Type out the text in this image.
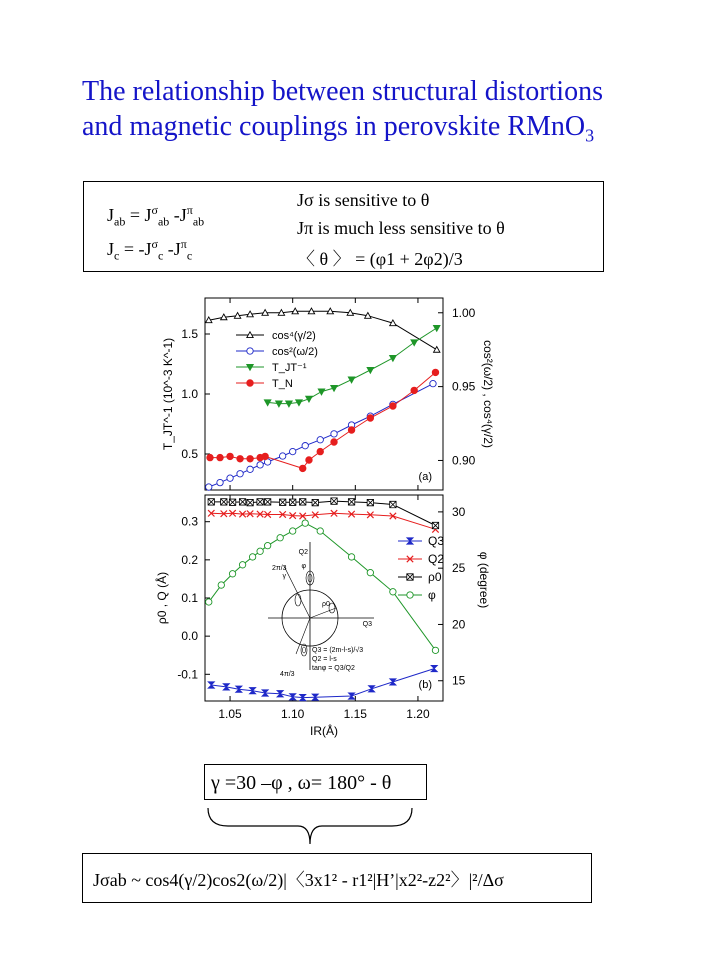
The relationship between structural distortions
and magnetic couplings in perovskite RMnO$_3$
$J_{ab} = J^\sigma_{ab}$ $-J^\pi_{ab}$
$J_c = -J^\sigma_c$ $-J^\pi_c$
Jσ is sensitive to θ
Jπ is much less sensitive to θ
〈 θ 〉 = (φ1 + 2φ2)/3
0.5
1.0
1.5
0.90
0.95
1.00
T_JT^-1 (10^-3 K^-1)	cos²(ω/2) , cos⁴(γ/2)
(a)
cos⁴(γ/2)
cos²(ω/2)
T_JT⁻¹
T_N
1.05	1.10	1.15	1.20
-0.1
0.0
0.1
0.2
0.3
15
20
25
30
ρ0 , Q (Å)	φ (degree)
(b)
IR(Å)
Q3
Q2
ρ0
φ
Q2
φ
2π/3
γ
ρ0
Q3
4π/3
Q3 = (2m-l-s)/√3
Q2 = l-s
tanφ = Q3/Q2
γ =30 –φ , ω= 180° - θ
Jσab ~ cos4(γ/2)cos2(ω/2)|〈3x1² - r1²|H’|x2²-z2²〉|²/Δσ
